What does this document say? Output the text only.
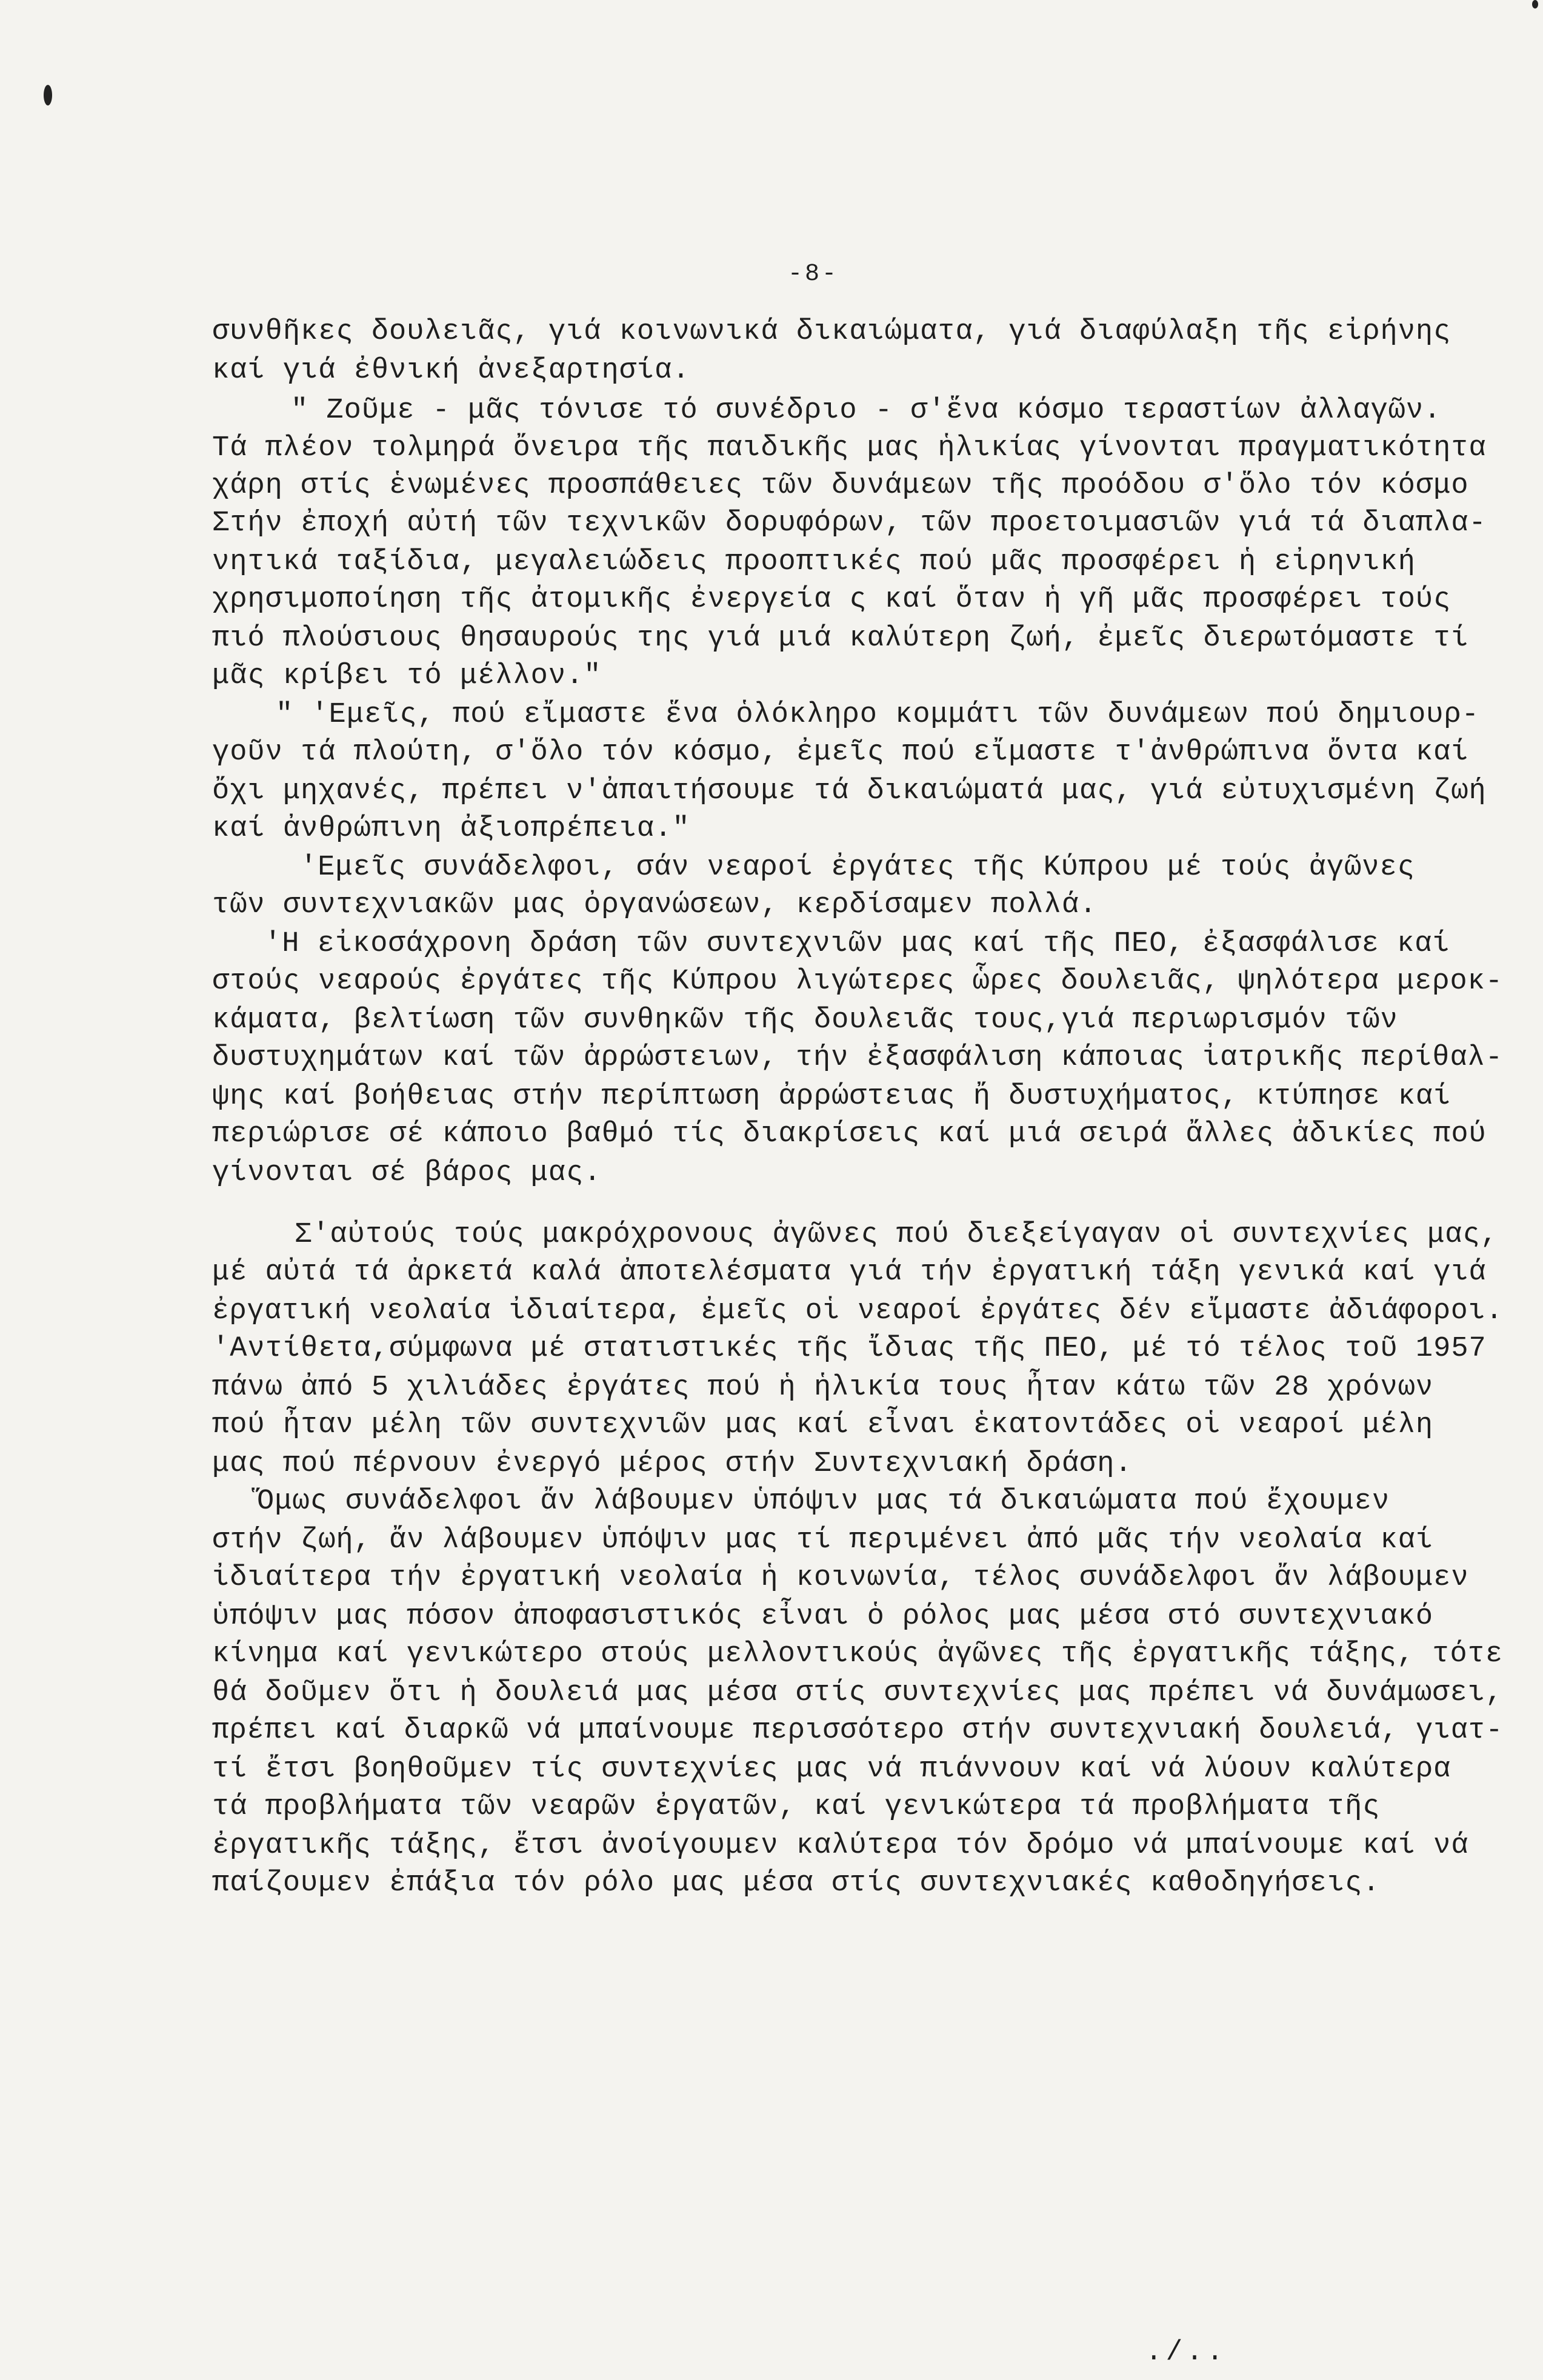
-8-
συνθῆκες δουλειᾶς, γιά κοινωνικά δικαιώματα, γιά διαφύλαξη τῆς εἰρήνης
καί γιά ἐθνική ἀνεξαρτησία.
" Ζοῦμε - μᾶς τόνισε τό συνέδριο - σ'ἕνα κόσμο τεραστίων ἀλλαγῶν.
Τά πλέον τολμηρά ὄνειρα τῆς παιδικῆς μας ἡλικίας γίνονται πραγματικότητα
χάρη στίς ἑνωμένες προσπάθειες τῶν δυνάμεων τῆς προόδου σ'ὅλο τόν κόσμο
Στήν ἐποχή αὐτή τῶν τεχνικῶν δορυφόρων, τῶν προετοιμασιῶν γιά τά διαπλα-
νητικά ταξίδια, μεγαλειώδεις προοπτικές πού μᾶς προσφέρει ἡ εἰρηνική
χρησιμοποίηση τῆς ἀτομικῆς ἐνεργεία ς καί ὅταν ἡ γῆ μᾶς προσφέρει τούς
πιό πλούσιους θησαυρούς της γιά μιά καλύτερη ζωή, ἐμεῖς διερωτόμαστε τί
μᾶς κρίβει τό μέλλον."
" 'Εμεῖς, πού εἴμαστε ἕνα ὁλόκληρο κομμάτι τῶν δυνάμεων πού δημιουρ-
γοῦν τά πλούτη, σ'ὅλο τόν κόσμο, ἐμεῖς πού εἴμαστε τ'ἀνθρώπινα ὄντα καί
ὄχι μηχανές, πρέπει ν'ἀπαιτήσουμε τά δικαιώματά μας, γιά εὐτυχισμένη ζωή
καί ἀνθρώπινη ἀξιοπρέπεια."
'Εμεῖς συνάδελφοι, σάν νεαροί ἐργάτες τῆς Κύπρου μέ τούς ἀγῶνες
τῶν συντεχνιακῶν μας ὀργανώσεων, κερδίσαμεν πολλά.
'Η εἰκοσάχρονη δράση τῶν συντεχνιῶν μας καί τῆς ΠΕΟ, ἐξασφάλισε καί
στούς νεαρούς ἐργάτες τῆς Κύπρου λιγώτερες ὧρες δουλειᾶς, ψηλότερα μεροκ-
κάματα, βελτίωση τῶν συνθηκῶν τῆς δουλειᾶς τους,γιά περιωρισμόν τῶν
δυστυχημάτων καί τῶν ἀρρώστειων, τήν ἐξασφάλιση κάποιας ἰατρικῆς περίθαλ-
ψης καί βοήθειας στήν περίπτωση ἀρρώστειας ἤ δυστυχήματος, κτύπησε καί
περιώρισε σέ κάποιο βαθμό τίς διακρίσεις καί μιά σειρά ἄλλες ἀδικίες πού
γίνονται σέ βάρος μας.
Σ'αὐτούς τούς μακρόχρονους ἀγῶνες πού διεξείγαγαν οἱ συντεχνίες μας,
μέ αὐτά τά ἀρκετά καλά ἀποτελέσματα γιά τήν ἐργατική τάξη γενικά καί γιά
ἐργατική νεολαία ἰδιαίτερα, ἐμεῖς οἱ νεαροί ἐργάτες δέν εἴμαστε ἀδιάφοροι.
'Αντίθετα,σύμφωνα μέ στατιστικές τῆς ἴδιας τῆς ΠΕΟ, μέ τό τέλος τοῦ 1957
πάνω ἀπό 5 χιλιάδες ἐργάτες πού ἡ ἡλικία τους ἦταν κάτω τῶν 28 χρόνων
πού ἦταν μέλη τῶν συντεχνιῶν μας καί εἶναι ἑκατοντάδες οἱ νεαροί μέλη
μας πού πέρνουν ἐνεργό μέρος στήν Συντεχνιακή δράση.
Ὅμως συνάδελφοι ἄν λάβουμεν ὑπόψιν μας τά δικαιώματα πού ἔχουμεν
στήν ζωή, ἄν λάβουμεν ὑπόψιν μας τί περιμένει ἀπό μᾶς τήν νεολαία καί
ἰδιαίτερα τήν ἐργατική νεολαία ἡ κοινωνία, τέλος συνάδελφοι ἄν λάβουμεν
ὑπόψιν μας πόσον ἀποφασιστικός εἶναι ὁ ρόλος μας μέσα στό συντεχνιακό
κίνημα καί γενικώτερο στούς μελλοντικούς ἀγῶνες τῆς ἐργατικῆς τάξης, τότε
θά δοῦμεν ὅτι ἡ δουλειά μας μέσα στίς συντεχνίες μας πρέπει νά δυνάμωσει,
πρέπει καί διαρκῶ νά μπαίνουμε περισσότερο στήν συντεχνιακή δουλειά, γιατ-
τί ἔτσι βοηθοῦμεν τίς συντεχνίες μας νά πιάννουν καί νά λύουν καλύτερα
τά προβλήματα τῶν νεαρῶν ἐργατῶν, καί γενικώτερα τά προβλήματα τῆς
ἐργατικῆς τάξης, ἔτσι ἀνοίγουμεν καλύτερα τόν δρόμο νά μπαίνουμε καί νά
παίζουμεν ἐπάξια τόν ρόλο μας μέσα στίς συντεχνιακές καθοδηγήσεις.
./..
